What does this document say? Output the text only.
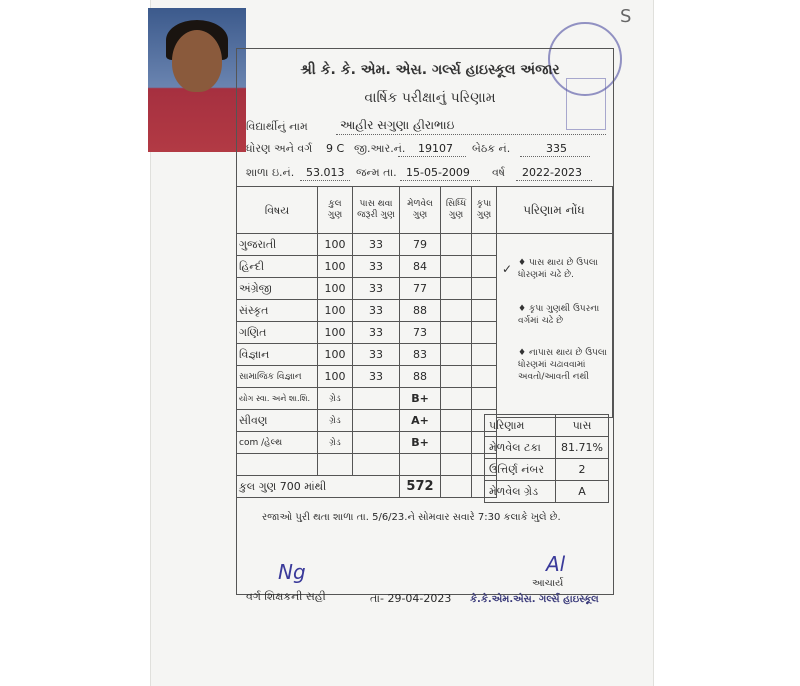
S
શ્રી કે. કે. એમ. એસ. ગર્લ્સ હાઇસ્કૂલ અંજાર
વાર્ષિક પરીક્ષાનું પરિણામ
વિદ્યાર્થીનું નામ	આહીર સગુણા હીરાભાઇ
ધોરણ અને વર્ગ 9 C જી.આર.નં. 19107 બેઠક નં.	335
શાળા ઇ.નં. 53.013 જન્મ તા. 15-05-2009 વર્ષ 2022-2023
વિષય	કુલ ગુણ	પાસ થવા જરૂરી ગુણ	મેળવેલ ગુણ	સિધ્ધિ ગુણ	કૃપા ગુણ
ગુજરાતી	100	33	79		
હિન્દી	100	33	84		
અંગ્રેજી	100	33	77		
સંસ્કૃત	100	33	88		
ગણિત	100	33	73		
વિજ્ઞાન	100	33	83		
સામાજિક વિજ્ઞાન	100	33	88		
યોગ સ્વા. અને શા.શિ.	ગ્રેડ		B+		
સીવણ	ગ્રેડ		A+		
com /હેલ્થ	ગ્રેડ		B+		

કુલ ગુણ 700 માંથી			572		
પરિણામ નોંધ
✓ ♦ પાસ થાય છે ઉપલા ધોરણમાં ચઢે છે.
♦ કૃપા ગુણથી ઉપરના વર્ગમાં ચઢે છે
♦ નાપાસ થાય છે ઉપલા ધોરણમાં ચઢાવવામાં અવતો/આવતી નથી
પરિણામ	પાસ
મેળવેલ ટકા	81.71%
ઉત્તિર્ણ નંબર	2
મેળવેલ ગ્રેડ	A
રજાઓ પુરી થતા શાળા તા. 5/6/23.ને સોમવાર સવારે 7:30 કલાકે ખુલે છે.
Ng	Al
વર્ગ શિક્ષકની સહી	તા- 29-04-2023
આચાર્ય
કે.કે.એમ.એસ. ગર્લ્સ હાઇસ્કૂલ
